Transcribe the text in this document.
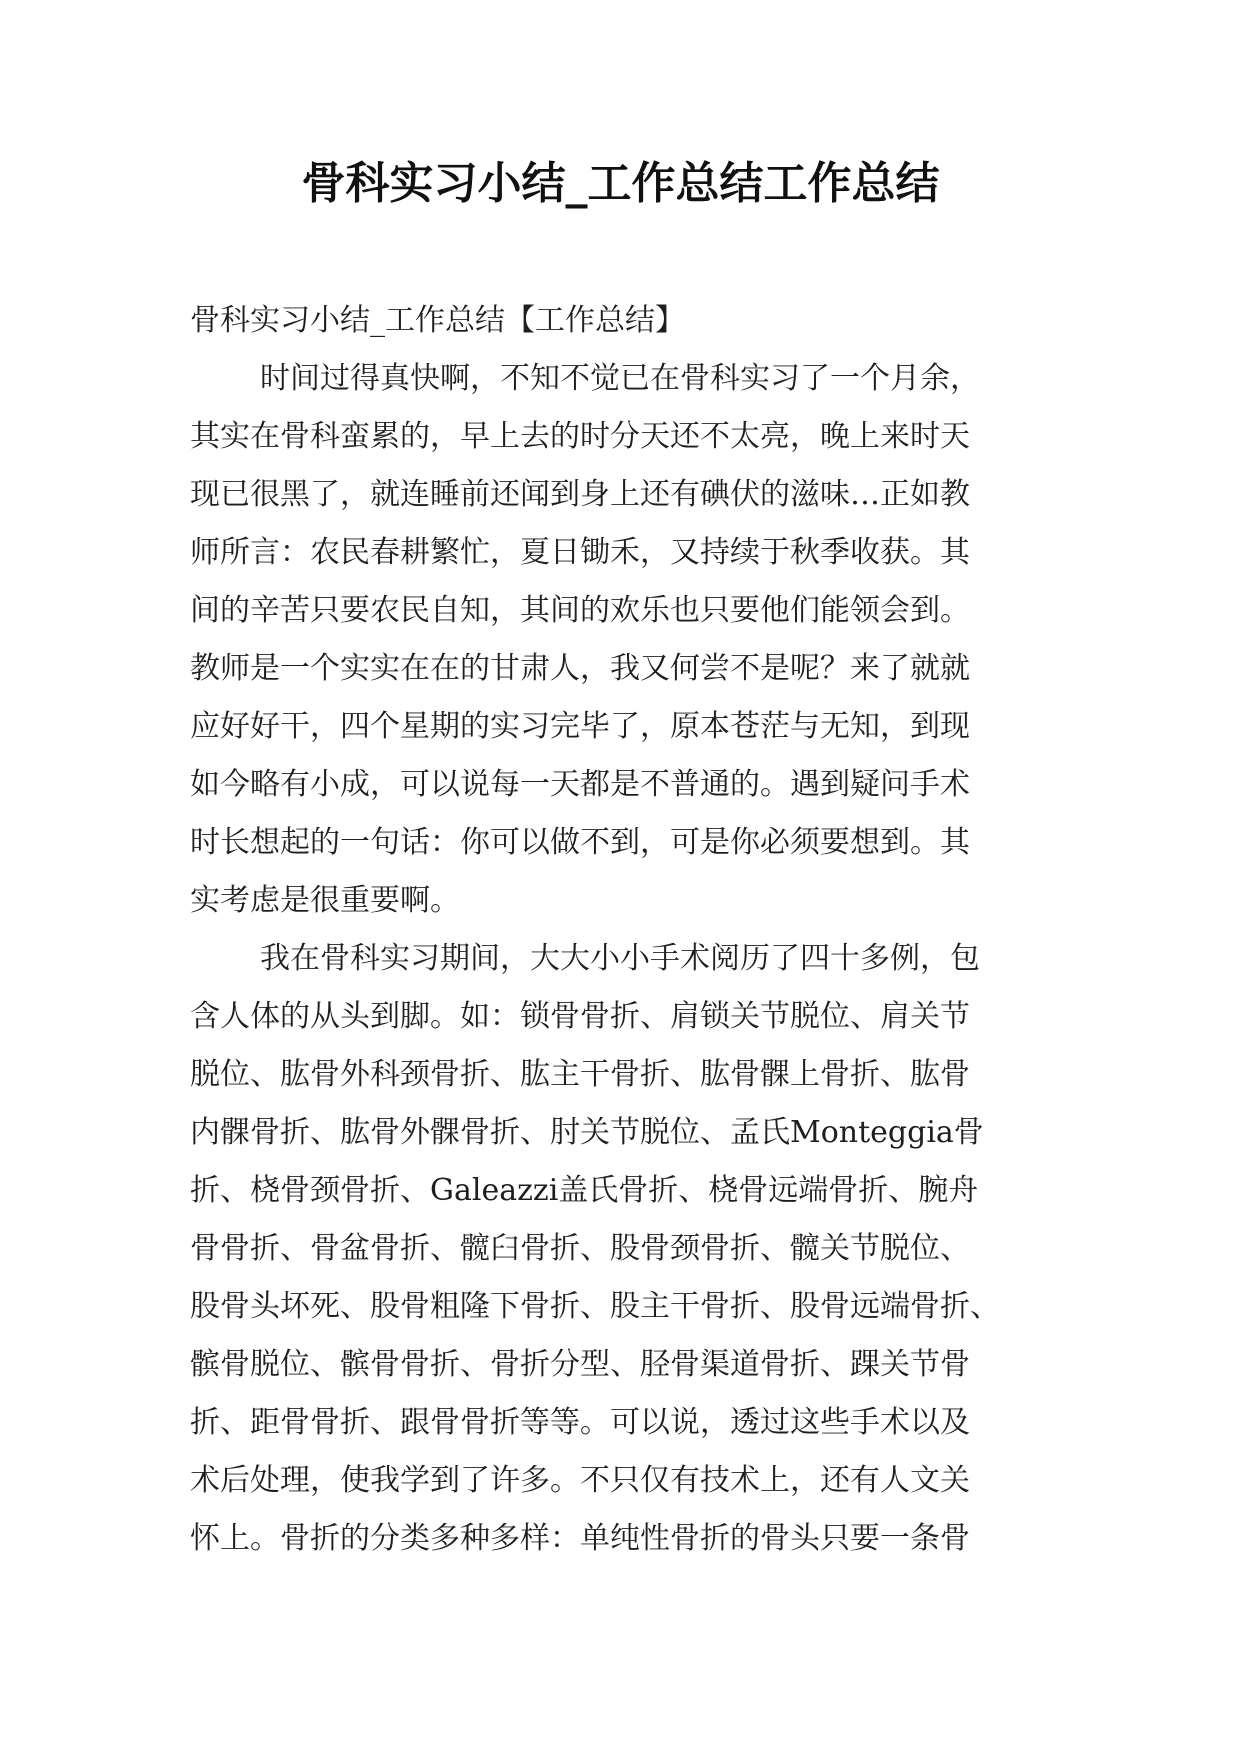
骨科实习小结_工作总结工作总结
骨科实习小结_工作总结【工作总结】
时间过得真快啊，不知不觉已在骨科实习了一个月余，
其实在骨科蛮累的，早上去的时分天还不太亮，晚上来时天
现已很黑了，就连睡前还闻到身上还有碘伏的滋味…正如教
师所言：农民春耕繁忙，夏日锄禾，又持续于秋季收获。其
间的辛苦只要农民自知，其间的欢乐也只要他们能领会到。
教师是一个实实在在的甘肃人，我又何尝不是呢？来了就就
应好好干，四个星期的实习完毕了，原本苍茫与无知，到现
如今略有小成，可以说每一天都是不普通的。遇到疑问手术
时长想起的一句话：你可以做不到，可是你必须要想到。其
实考虑是很重要啊。
我在骨科实习期间，大大小小手术阅历了四十多例，包
含人体的从头到脚。如：锁骨骨折、肩锁关节脱位、肩关节
脱位、肱骨外科颈骨折、肱主干骨折、肱骨髁上骨折、肱骨
内髁骨折、肱骨外髁骨折、肘关节脱位、孟氏Monteggia骨
折、桡骨颈骨折、Galeazzi盖氏骨折、桡骨远端骨折、腕舟
骨骨折、骨盆骨折、髋臼骨折、股骨颈骨折、髋关节脱位、
股骨头坏死、股骨粗隆下骨折、股主干骨折、股骨远端骨折、
髌骨脱位、髌骨骨折、骨折分型、胫骨渠道骨折、踝关节骨
折、距骨骨折、跟骨骨折等等。可以说，透过这些手术以及
术后处理，使我学到了许多。不只仅有技术上，还有人文关
怀上。骨折的分类多种多样：单纯性骨折的骨头只要一条骨
